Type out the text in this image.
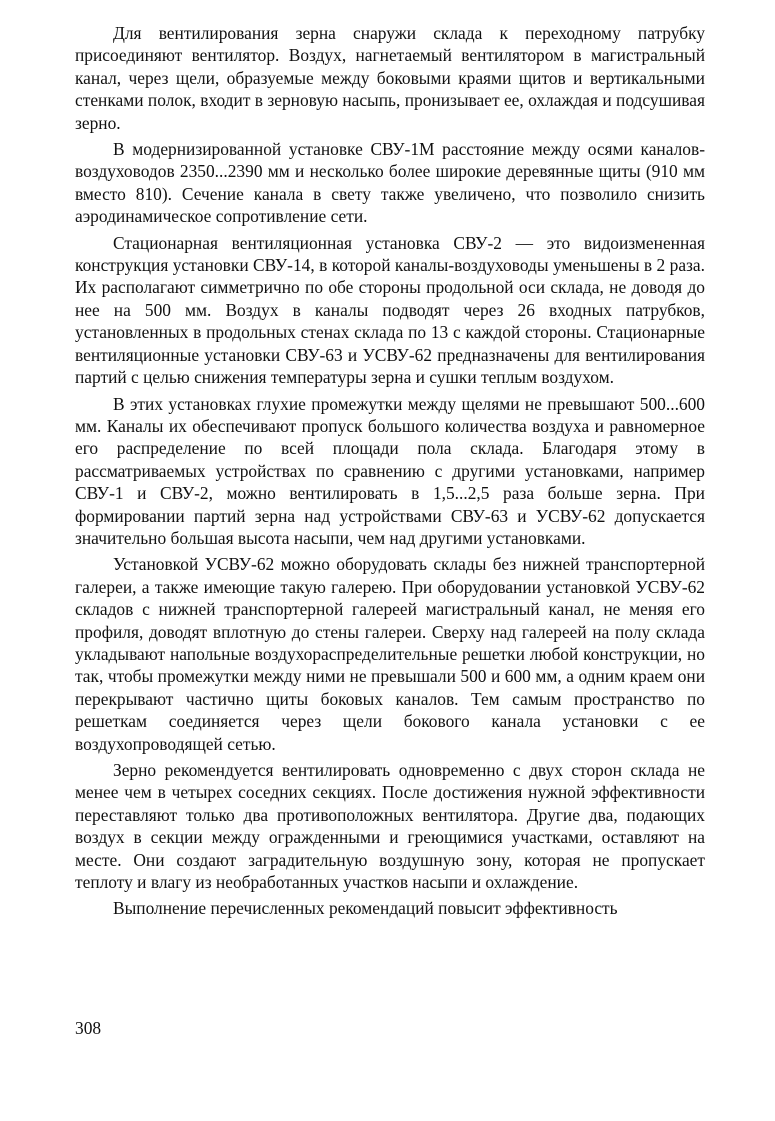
Для вентилирования зерна снаружи склада к переходному патрубку присоединяют вентилятор. Воздух, нагнетаемый вентилятором в магистральный канал, через щели, образуемые между боковыми краями щитов и вертикальными стенками полок, входит в зерновую насыпь, пронизывает ее, охлаждая и подсушивая зерно.

В модернизированной установке СВУ-1М расстояние между осями каналов-воздуховодов 2350...2390 мм и несколько более широкие деревянные щиты (910 мм вместо 810). Сечение канала в свету также увеличено, что позволило снизить аэродинамическое сопротивление сети.

Стационарная вентиляционная установка СВУ-2 — это видоизмененная конструкция установки СВУ-14, в которой каналы-воздуховоды уменьшены в 2 раза. Их располагают симметрично по обе стороны продольной оси склада, не доводя до нее на 500 мм. Воздух в каналы подводят через 26 входных патрубков, установленных в продольных стенах склада по 13 с каждой стороны. Стационарные вентиляционные установки СВУ-63 и УСВУ-62 предназначены для вентилирования партий с целью снижения температуры зерна и сушки теплым воздухом.

В этих установках глухие промежутки между щелями не превышают 500...600 мм. Каналы их обеспечивают пропуск большого количества воздуха и равномерное его распределение по всей площади пола склада. Благодаря этому в рассматриваемых устройствах по сравнению с другими установками, например СВУ-1 и СВУ-2, можно вентилировать в 1,5...2,5 раза больше зерна. При формировании партий зерна над устройствами СВУ-63 и УСВУ-62 допускается значительно большая высота насыпи, чем над другими установками.

Установкой УСВУ-62 можно оборудовать склады без нижней транспортерной галереи, а также имеющие такую галерею. При оборудовании установкой УСВУ-62 складов с нижней транспортерной галереей магистральный канал, не меняя его профиля, доводят вплотную до стены галереи. Сверху над галереей на полу склада укладывают напольные воздухораспределительные решетки любой конструкции, но так, чтобы промежутки между ними не превышали 500 и 600 мм, а одним краем они перекрывают частично щиты боковых каналов. Тем самым пространство по решеткам соединяется через щели бокового канала установки с ее воздухопроводящей сетью.

Зерно рекомендуется вентилировать одновременно с двух сторон склада не менее чем в четырех соседних секциях. После достижения нужной эффективности переставляют только два противоположных вентилятора. Другие два, подающих воздух в секции между огражденными и греющимися участками, оставляют на месте. Они создают заградительную воздушную зону, которая не пропускает теплоту и влагу из необработанных участков насыпи и охлаждение.

Выполнение перечисленных рекомендаций повысит эффективность

308
